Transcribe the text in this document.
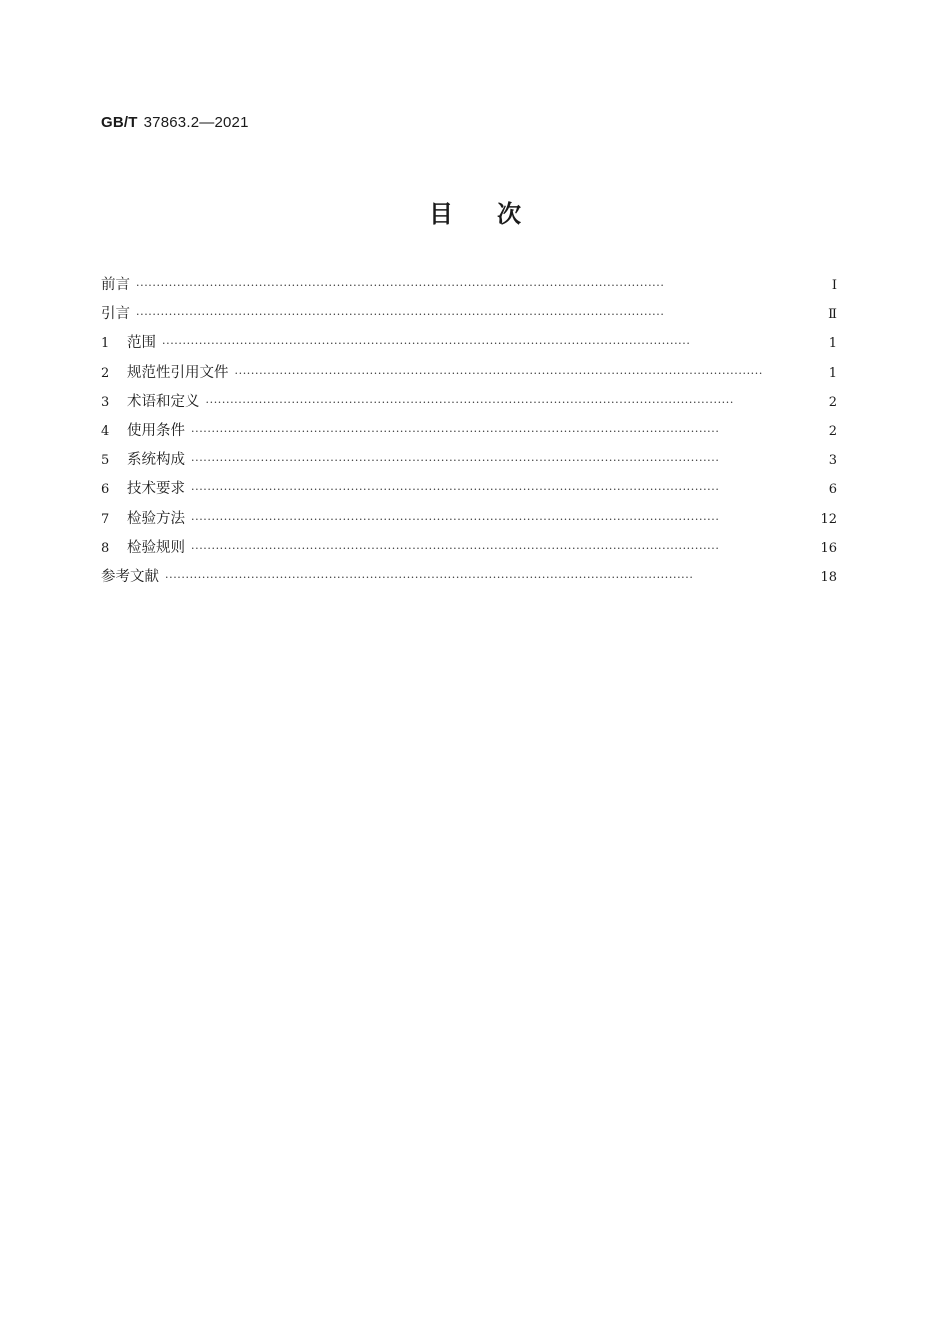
GB/T 37863.2—2021
目 次
前言 ·································································································································	Ⅰ
引言 ·································································································································	Ⅱ
1 范围 ·································································································································	1
2 规范性引用文件 ·································································································································	1
3 术语和定义 ·································································································································	2
4 使用条件 ·································································································································	2
5 系统构成 ·································································································································	3
6 技术要求 ·································································································································	6
7 检验方法 ·································································································································	12
8 检验规则 ·································································································································	16
参考文献 ·································································································································	18
